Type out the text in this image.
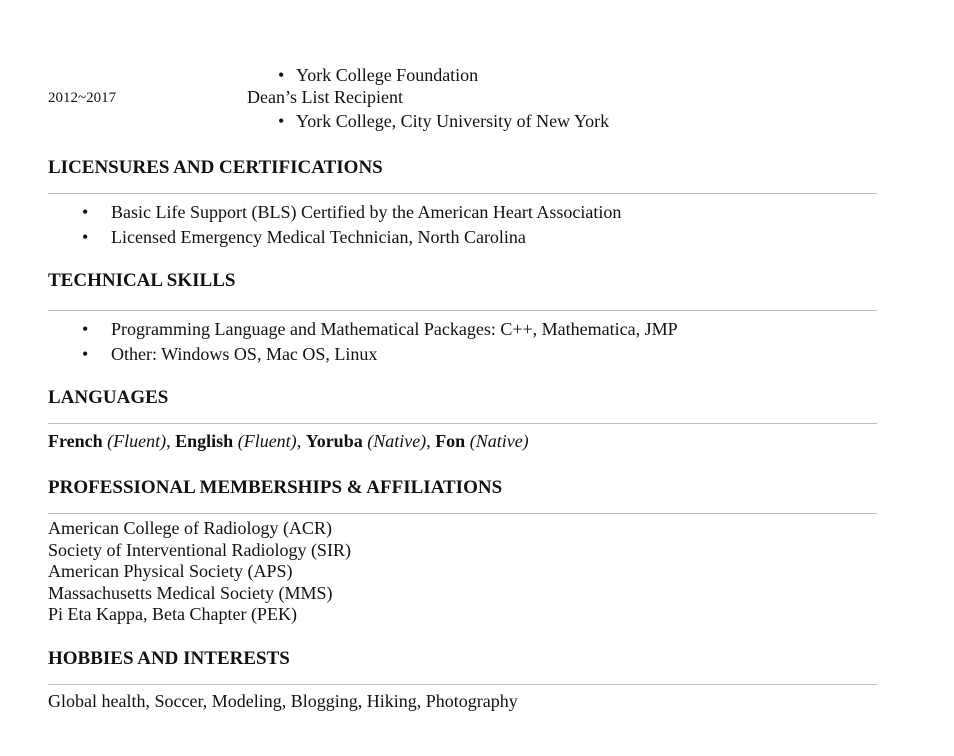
• York College Foundation
2012~2017	Dean’s List Recipient
• York College, City University of New York
LICENSURES AND CERTIFICATIONS
• Basic Life Support (BLS) Certified by the American Heart Association
• Licensed Emergency Medical Technician, North Carolina
TECHNICAL SKILLS
• Programming Language and Mathematical Packages: C++, Mathematica, JMP
• Other: Windows OS, Mac OS, Linux
LANGUAGES
French (Fluent), English (Fluent), Yoruba (Native), Fon (Native)
PROFESSIONAL MEMBERSHIPS & AFFILIATIONS
American College of Radiology (ACR)
Society of Interventional Radiology (SIR)
American Physical Society (APS)
Massachusetts Medical Society (MMS)
Pi Eta Kappa, Beta Chapter (PEK)
HOBBIES AND INTERESTS
Global health, Soccer, Modeling, Blogging, Hiking, Photography
